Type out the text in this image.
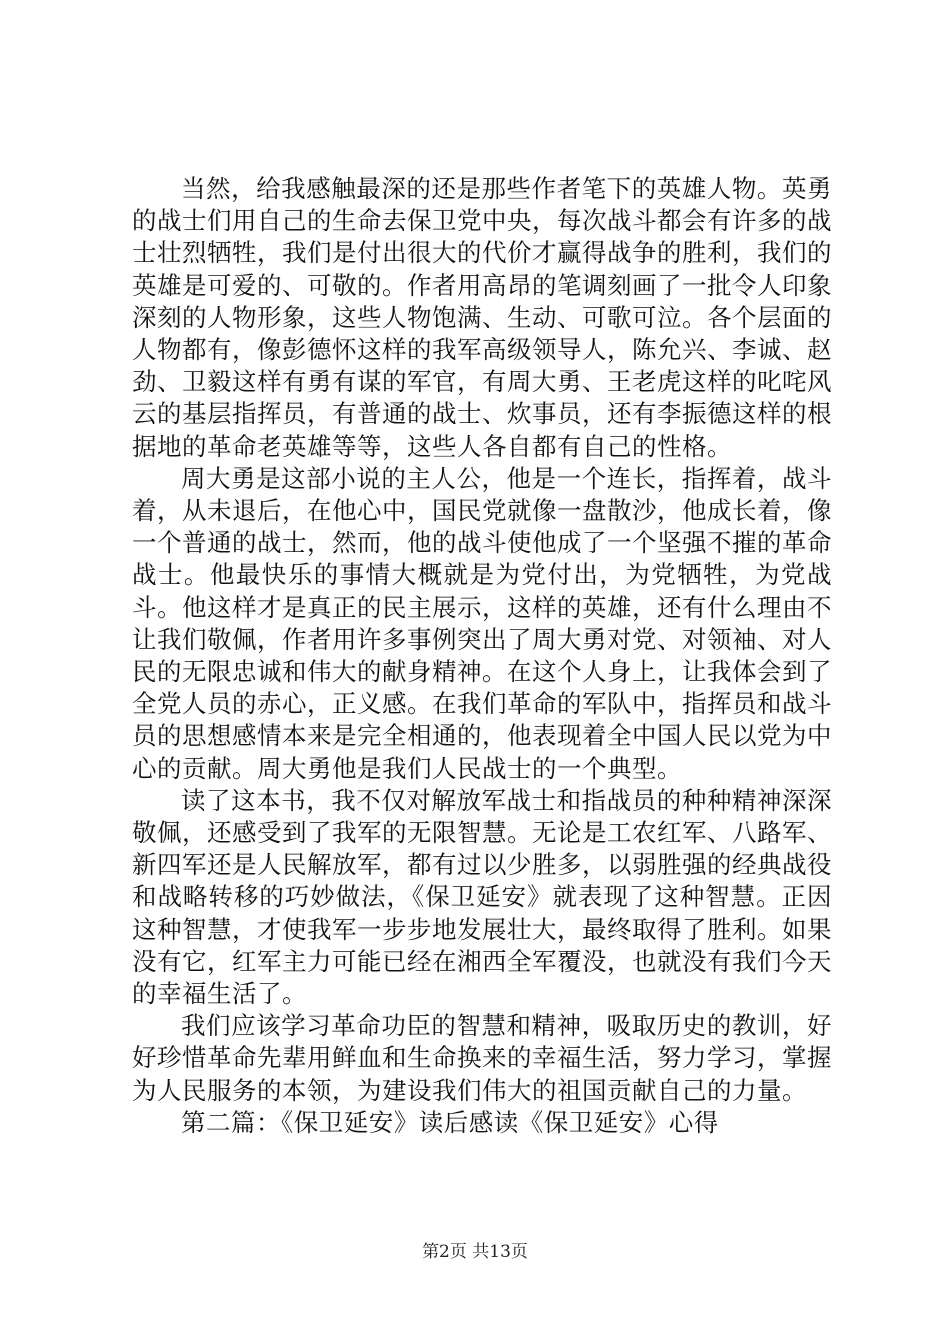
当然，给我感触最深的还是那些作者笔下的英雄人物。英勇的战士们用自己的生命去保卫党中央，每次战斗都会有许多的战士壮烈牺牲，我们是付出很大的代价才赢得战争的胜利，我们的英雄是可爱的、可敬的。作者用高昂的笔调刻画了一批令人印象深刻的人物形象，这些人物饱满、生动、可歌可泣。各个层面的人物都有，像彭德怀这样的我军高级领导人，陈允兴、李诚、赵劲、卫毅这样有勇有谋的军官，有周大勇、王老虎这样的叱咤风云的基层指挥员，有普通的战士、炊事员，还有李振德这样的根据地的革命老英雄等等，这些人各自都有自己的性格。

周大勇是这部小说的主人公，他是一个连长，指挥着，战斗着，从未退后，在他心中，国民党就像一盘散沙，他成长着，像一个普通的战士，然而，他的战斗使他成了一个坚强不摧的革命战士。他最快乐的事情大概就是为党付出，为党牺牲，为党战斗。他这样才是真正的民主展示，这样的英雄，还有什么理由不让我们敬佩，作者用许多事例突出了周大勇对党、对领袖、对人民的无限忠诚和伟大的献身精神。在这个人身上，让我体会到了全党人员的赤心，正义感。在我们革命的军队中，指挥员和战斗员的思想感情本来是完全相通的，他表现着全中国人民以党为中心的贡献。周大勇他是我们人民战士的一个典型。

读了这本书，我不仅对解放军战士和指战员的种种精神深深敬佩，还感受到了我军的无限智慧。无论是工农红军、八路军、新四军还是人民解放军，都有过以少胜多，以弱胜强的经典战役和战略转移的巧妙做法，《保卫延安》就表现了这种智慧。正因这种智慧，才使我军一步步地发展壮大，最终取得了胜利。如果没有它，红军主力可能已经在湘西全军覆没，也就没有我们今天的幸福生活了。

我们应该学习革命功臣的智慧和精神，吸取历史的教训，好好珍惜革命先辈用鲜血和生命换来的幸福生活，努力学习，掌握为人民服务的本领，为建设我们伟大的祖国贡献自己的力量。

第二篇：《保卫延安》读后感读《保卫延安》心得

第2页 共13页
